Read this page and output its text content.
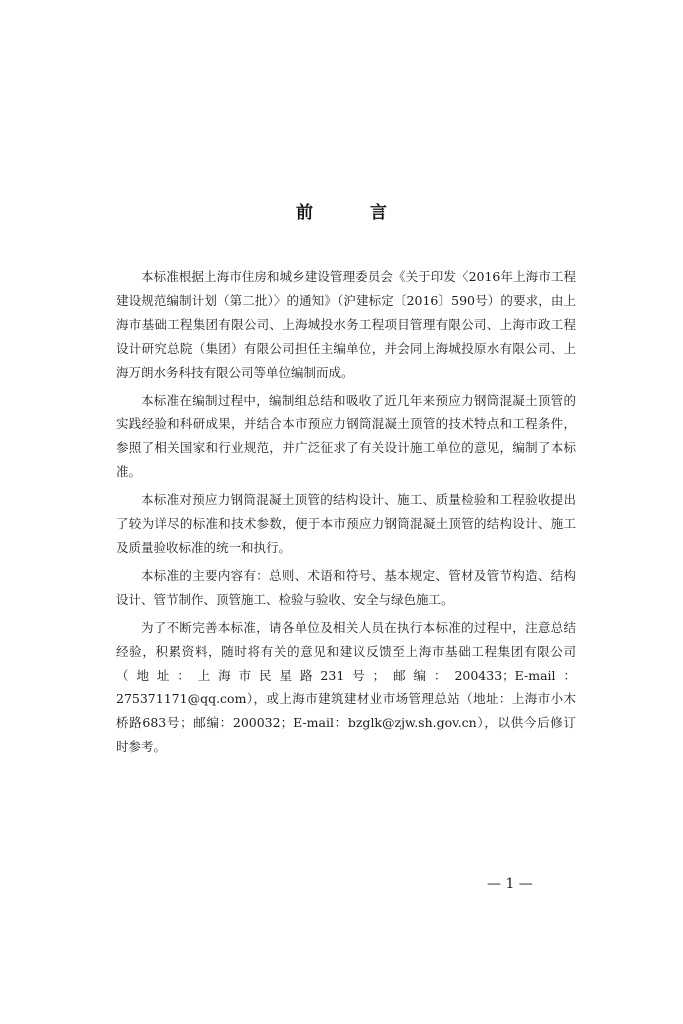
前　言

本标准根据上海市住房和城乡建设管理委员会《关于印发〈2016年上海市工程建设规范编制计划（第二批）〉的通知》（沪建标定〔2016〕590号）的要求，由上海市基础工程集团有限公司、上海城投水务工程项目管理有限公司、上海市政工程设计研究总院（集团）有限公司担任主编单位，并会同上海城投原水有限公司、上海万朗水务科技有限公司等单位编制而成。

本标准在编制过程中，编制组总结和吸收了近几年来预应力钢筒混凝土顶管的实践经验和科研成果，并结合本市预应力钢筒混凝土顶管的技术特点和工程条件，参照了相关国家和行业规范，并广泛征求了有关设计施工单位的意见，编制了本标准。

本标准对预应力钢筒混凝土顶管的结构设计、施工、质量检验和工程验收提出了较为详尽的标准和技术参数，便于本市预应力钢筒混凝土顶管的结构设计、施工及质量验收标准的统一和执行。

本标准的主要内容有：总则、术语和符号、基本规定、管材及管节构造、结构设计、管节制作、顶管施工、检验与验收、安全与绿色施工。

为了不断完善本标准，请各单位及相关人员在执行本标准的过程中，注意总结经验，积累资料，随时将有关的意见和建议反馈至上海市基础工程集团有限公司（地址：上海市民星路231号；邮编：200433；E-mail：275371171@qq.com），或上海市建筑建材业市场管理总站（地址：上海市小木桥路683号；邮编：200032；E-mail：bzglk@zjw.sh.gov.cn），以供今后修订时参考。

— 1 —
